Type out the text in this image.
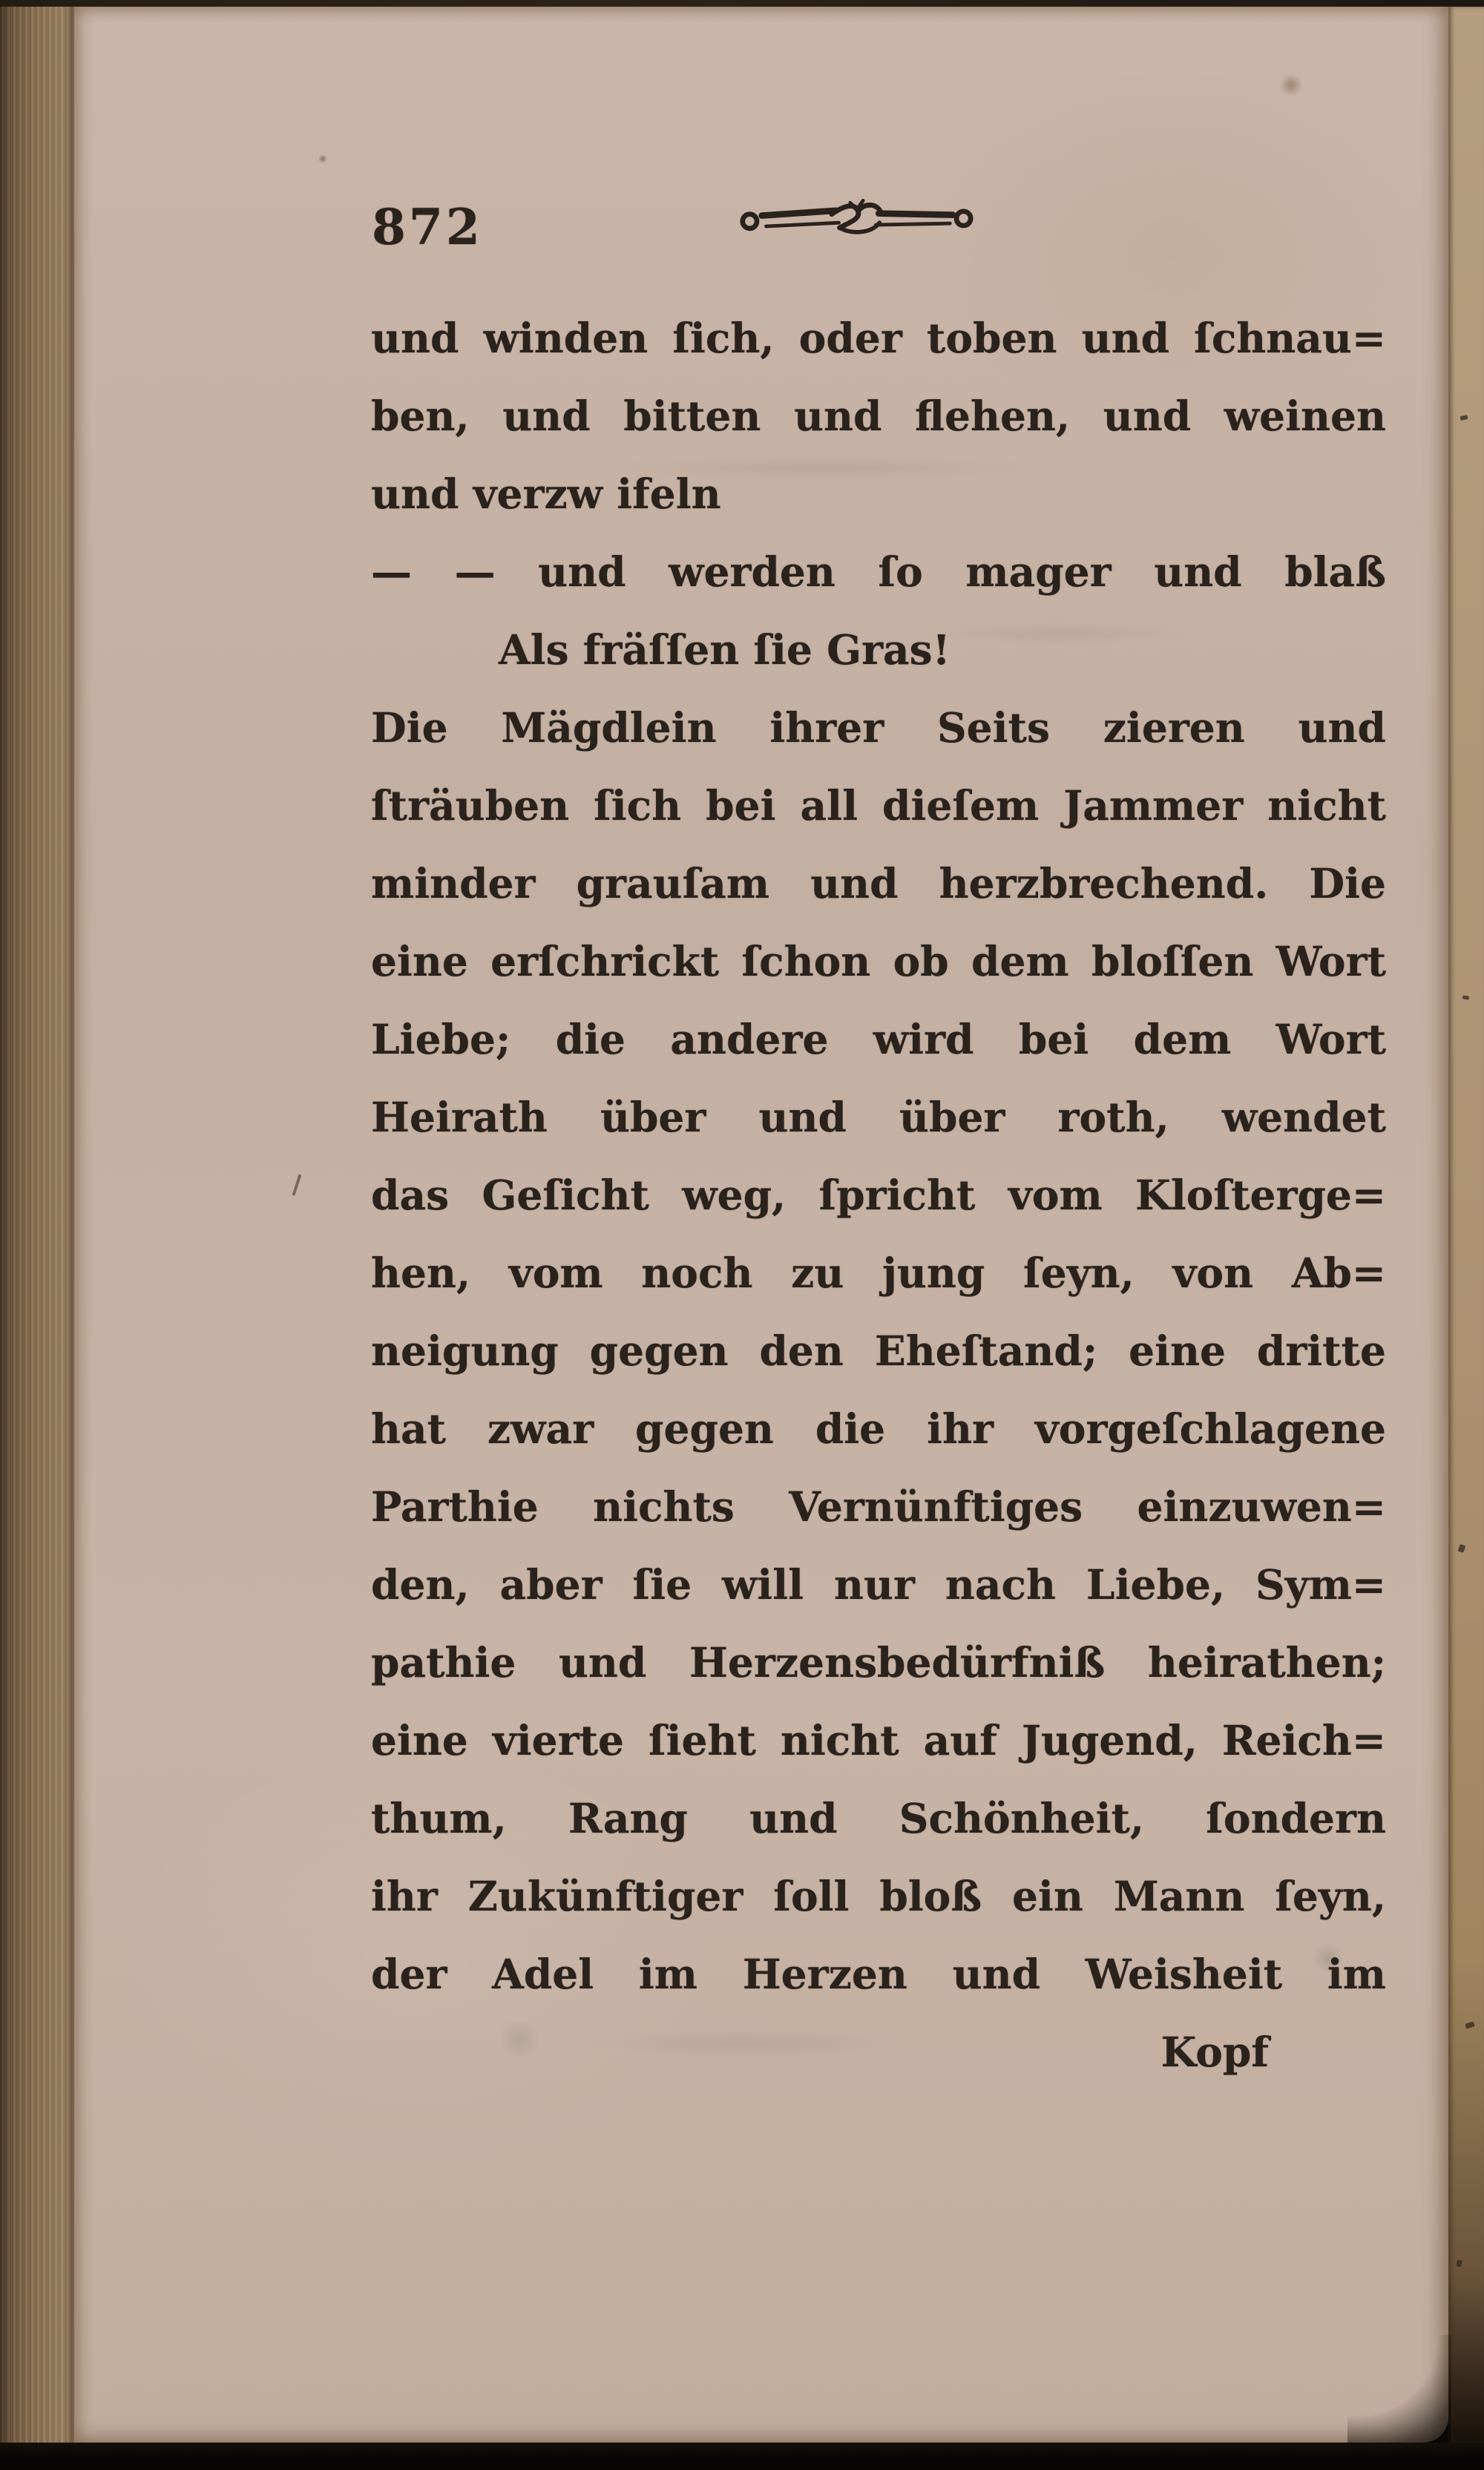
872
und winden ſich, oder toben und ſchnau=
ben, und bitten und flehen, und weinen
und verzw ifeln
— — und werden ſo mager und blaß
Als fräſſen ſie Gras!
Die Mägdlein ihrer Seits zieren und
ſträuben ſich bei all dieſem Jammer nicht
minder grauſam und herzbrechend. Die
eine erſchrickt ſchon ob dem bloſſen Wort
Liebe; die andere wird bei dem Wort
Heirath über und über roth, wendet
das Geſicht weg, ſpricht vom Kloſterge=
hen, vom noch zu jung ſeyn, von Ab=
neigung gegen den Eheſtand; eine dritte
hat zwar gegen die ihr vorgeſchlagene
Parthie nichts Vernünftiges einzuwen=
den, aber ſie will nur nach Liebe, Sym=
pathie und Herzensbedürfniß heirathen;
eine vierte ſieht nicht auf Jugend, Reich=
thum, Rang und Schönheit, ſondern
ihr Zukünftiger ſoll bloß ein Mann ſeyn,
der Adel im Herzen und Weisheit im
Kopf
